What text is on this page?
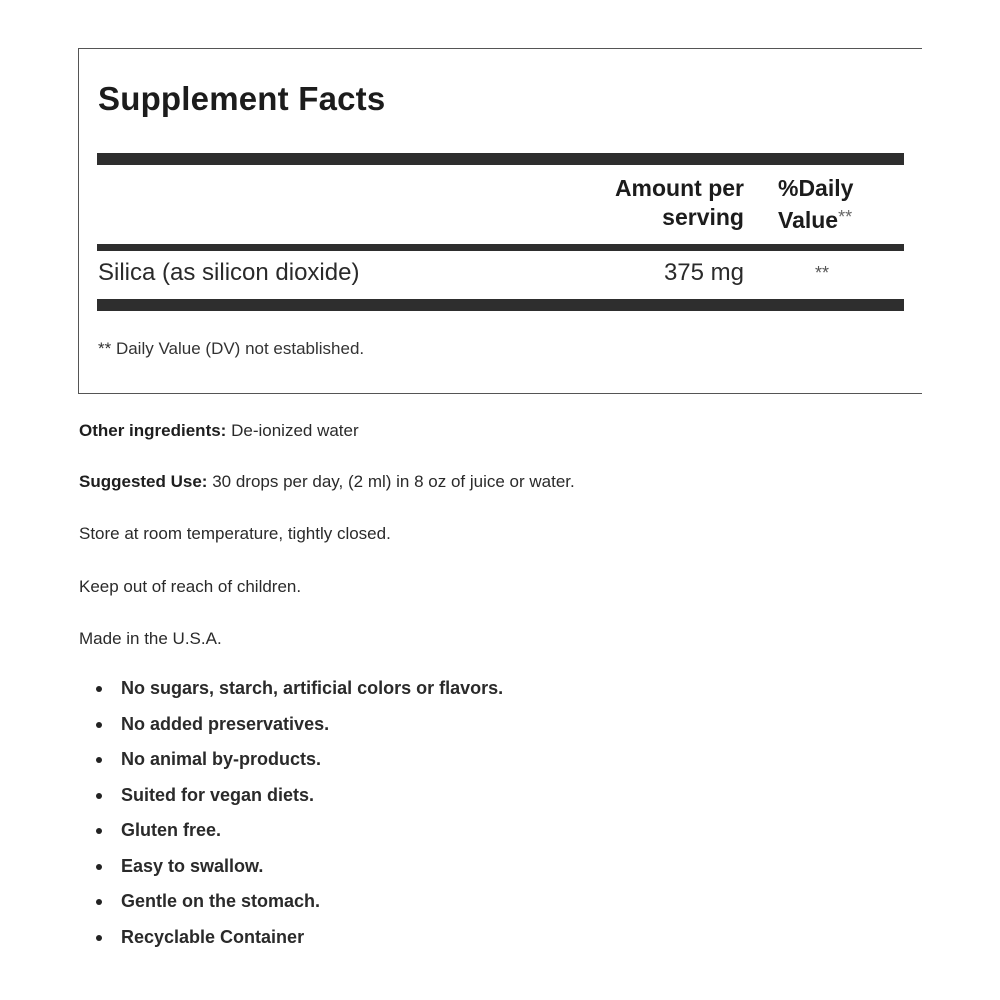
Supplement Facts
Amount per
serving
%Daily
Value**
Silica (as silicon dioxide)	375 mg	**
** Daily Value (DV) not established.

Other ingredients: De-ionized water

Suggested Use: 30 drops per day, (2 ml) in 8 oz of juice or water.

Store at room temperature, tightly closed.

Keep out of reach of children.

Made in the U.S.A.

No sugars, starch, artificial colors or flavors.
No added preservatives.
No animal by-products.
Suited for vegan diets.
Gluten free.
Easy to swallow.
Gentle on the stomach.
Recyclable Container
